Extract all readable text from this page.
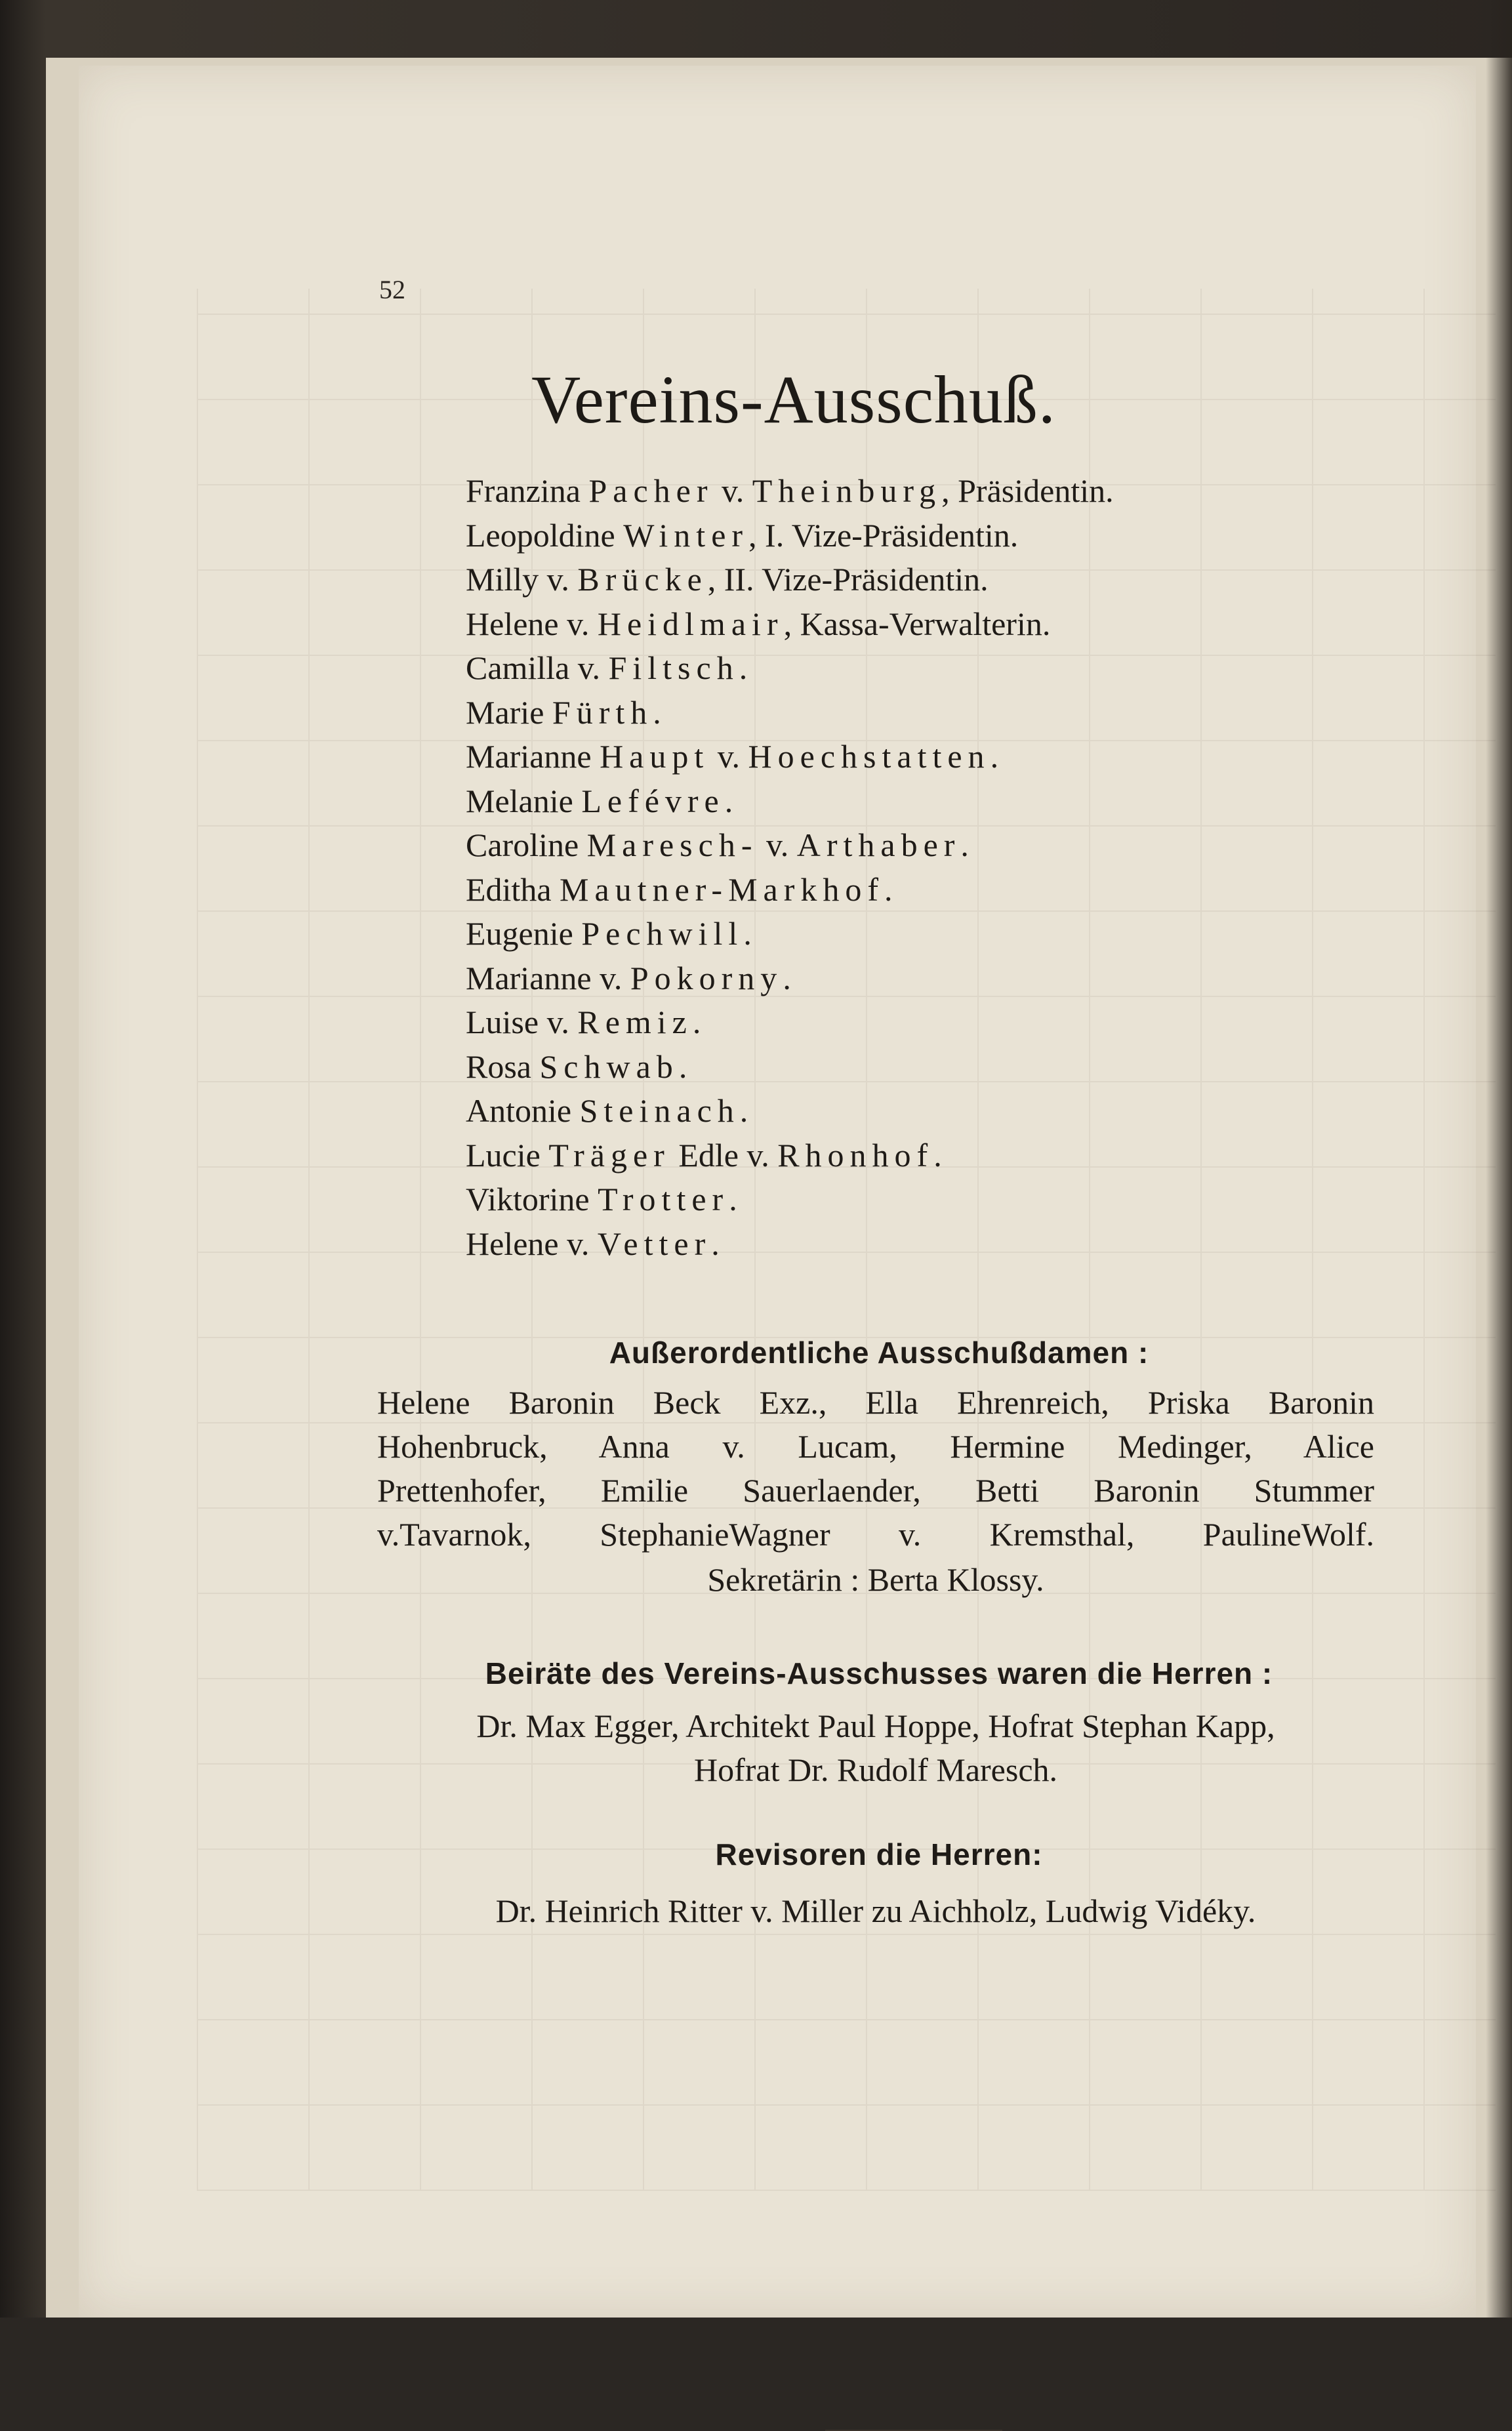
52
Vereins-Ausschuß.
Franzina Pacher v. Theinburg, Präsidentin.
Leopoldine Winter, I. Vize-Präsidentin.
Milly v. Brücke, II. Vize-Präsidentin.
Helene v. Heidlmair, Kassa-Verwalterin.
Camilla v. Filtsch.
Marie Fürth.
Marianne Haupt v. Hoechstatten.
Melanie Lefévre.
Caroline Maresch- v. Arthaber.
Editha Mautner-Markhof.
Eugenie Pechwill.
Marianne v. Pokorny.
Luise v. Remiz.
Rosa Schwab.
Antonie Steinach.
Lucie Träger Edle v. Rhonhof.
Viktorine Trotter.
Helene v. Vetter.
Außerordentliche Ausschußdamen :
Helene Baronin Beck Exz., Ella Ehrenreich, Priska Baronin
Hohenbruck, Anna v. Lucam, Hermine Medinger, Alice
Prettenhofer, Emilie Sauerlaender, Betti Baronin Stummer
v.Tavarnok, StephanieWagner v. Kremsthal, PaulineWolf.
Sekretärin : Berta Klossy.
Beiräte des Vereins-Ausschusses waren die Herren :
Dr. Max Egger, Architekt Paul Hoppe, Hofrat Stephan Kapp,
Hofrat Dr. Rudolf Maresch.
Revisoren die Herren:
Dr. Heinrich Ritter v. Miller zu Aichholz, Ludwig Vidéky.
